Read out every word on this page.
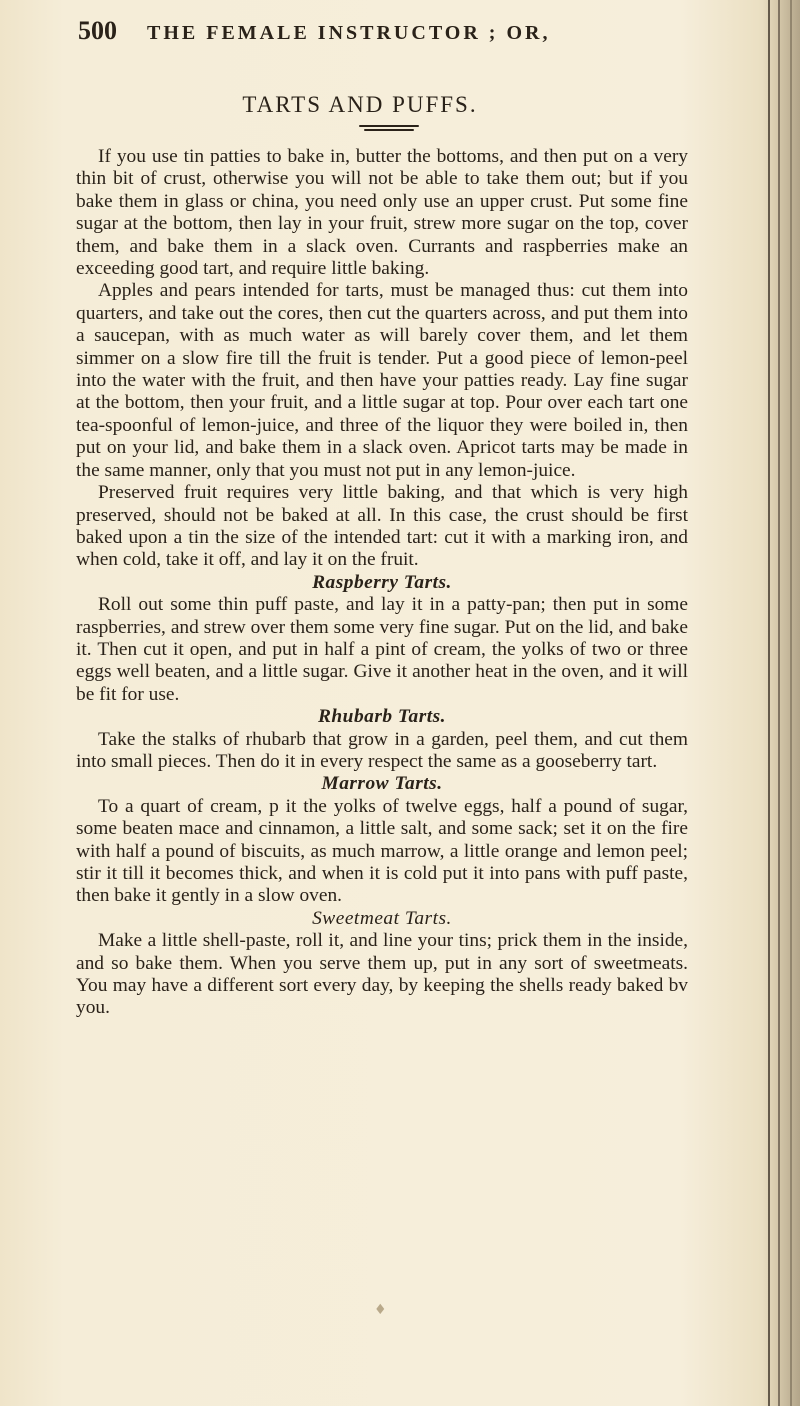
500 THE FEMALE INSTRUCTOR ; OR,
TARTS AND PUFFS.

If you use tin patties to bake in, butter the bottoms, and then put on a very thin bit of crust, otherwise you will not be able to take them out; but if you bake them in glass or china, you need only use an upper crust. Put some fine sugar at the bottom, then lay in your fruit, strew more sugar on the top, cover them, and bake them in a slack oven. Currants and raspberries make an exceeding good tart, and require little baking.

Apples and pears intended for tarts, must be managed thus: cut them into quarters, and take out the cores, then cut the quarters across, and put them into a saucepan, with as much water as will barely cover them, and let them simmer on a slow fire till the fruit is tender. Put a good piece of lemon-peel into the water with the fruit, and then have your patties ready. Lay fine sugar at the bottom, then your fruit, and a little sugar at top. Pour over each tart one tea-spoonful of lemon-juice, and three of the liquor they were boiled in, then put on your lid, and bake them in a slack oven. Apricot tarts may be made in the same manner, only that you must not put in any lemon-juice.

Preserved fruit requires very little baking, and that which is very high preserved, should not be baked at all. In this case, the crust should be first baked upon a tin the size of the intended tart: cut it with a marking iron, and when cold, take it off, and lay it on the fruit.

Raspberry Tarts.

Roll out some thin puff paste, and lay it in a patty-pan; then put in some raspberries, and strew over them some very fine sugar. Put on the lid, and bake it. Then cut it open, and put in half a pint of cream, the yolks of two or three eggs well beaten, and a little sugar. Give it another heat in the oven, and it will be fit for use.

Rhubarb Tarts.

Take the stalks of rhubarb that grow in a garden, peel them, and cut them into small pieces. Then do it in every respect the same as a gooseberry tart.

Marrow Tarts.

To a quart of cream, p it the yolks of twelve eggs, half a pound of sugar, some beaten mace and cinnamon, a little salt, and some sack; set it on the fire with half a pound of biscuits, as much marrow, a little orange and lemon peel; stir it till it becomes thick, and when it is cold put it into pans with puff paste, then bake it gently in a slow oven.

Sweetmeat Tarts.

Make a little shell-paste, roll it, and line your tins; prick them in the inside, and so bake them. When you serve them up, put in any sort of sweetmeats. You may have a different sort every day, by keeping the shells ready baked bv you.

♦
